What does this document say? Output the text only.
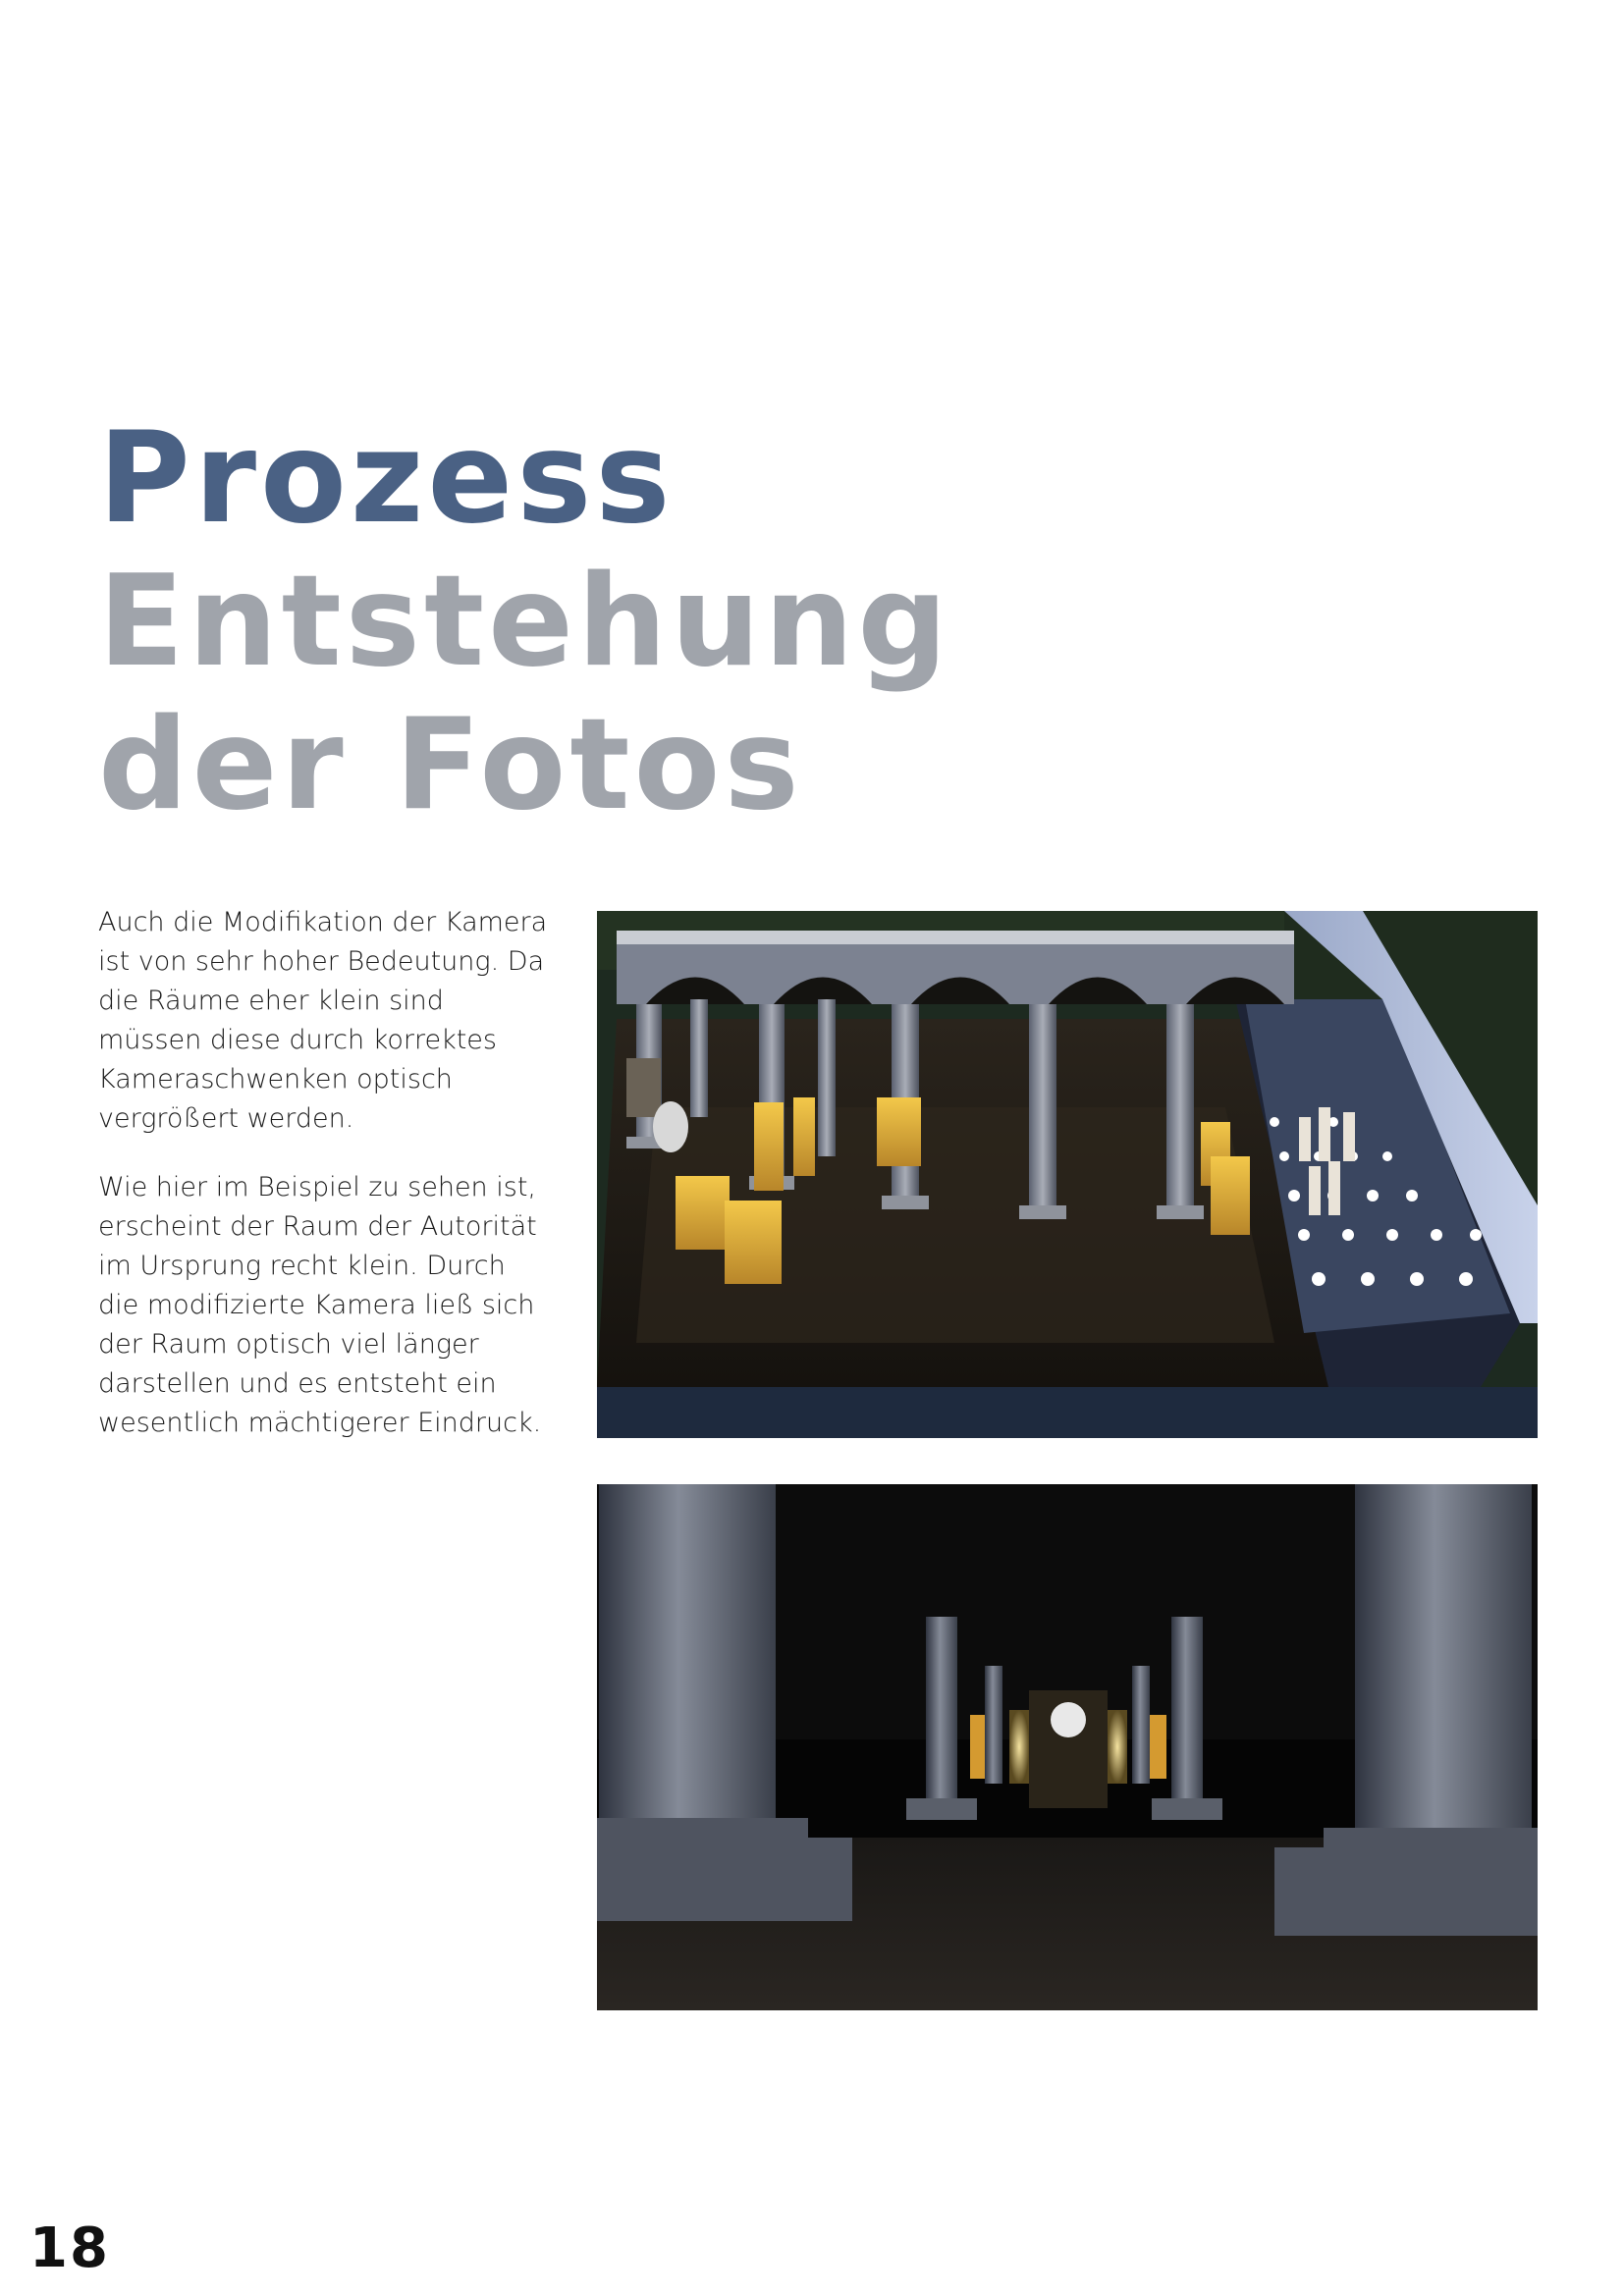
Prozess
Entstehung
der Fotos

Auch die Modifikation der Kamera ist von sehr hoher Bedeutung. Da die Räume eher klein sind müssen diese durch korrektes Kameraschwenken optisch vergrößert werden.

Wie hier im Beispiel zu sehen ist, erscheint der Raum der Autorität im Ursprung recht klein. Durch die modifizierte Kamera ließ sich der Raum optisch viel länger darstellen und es entsteht ein wesentlich mächtigerer Eindruck.

18
